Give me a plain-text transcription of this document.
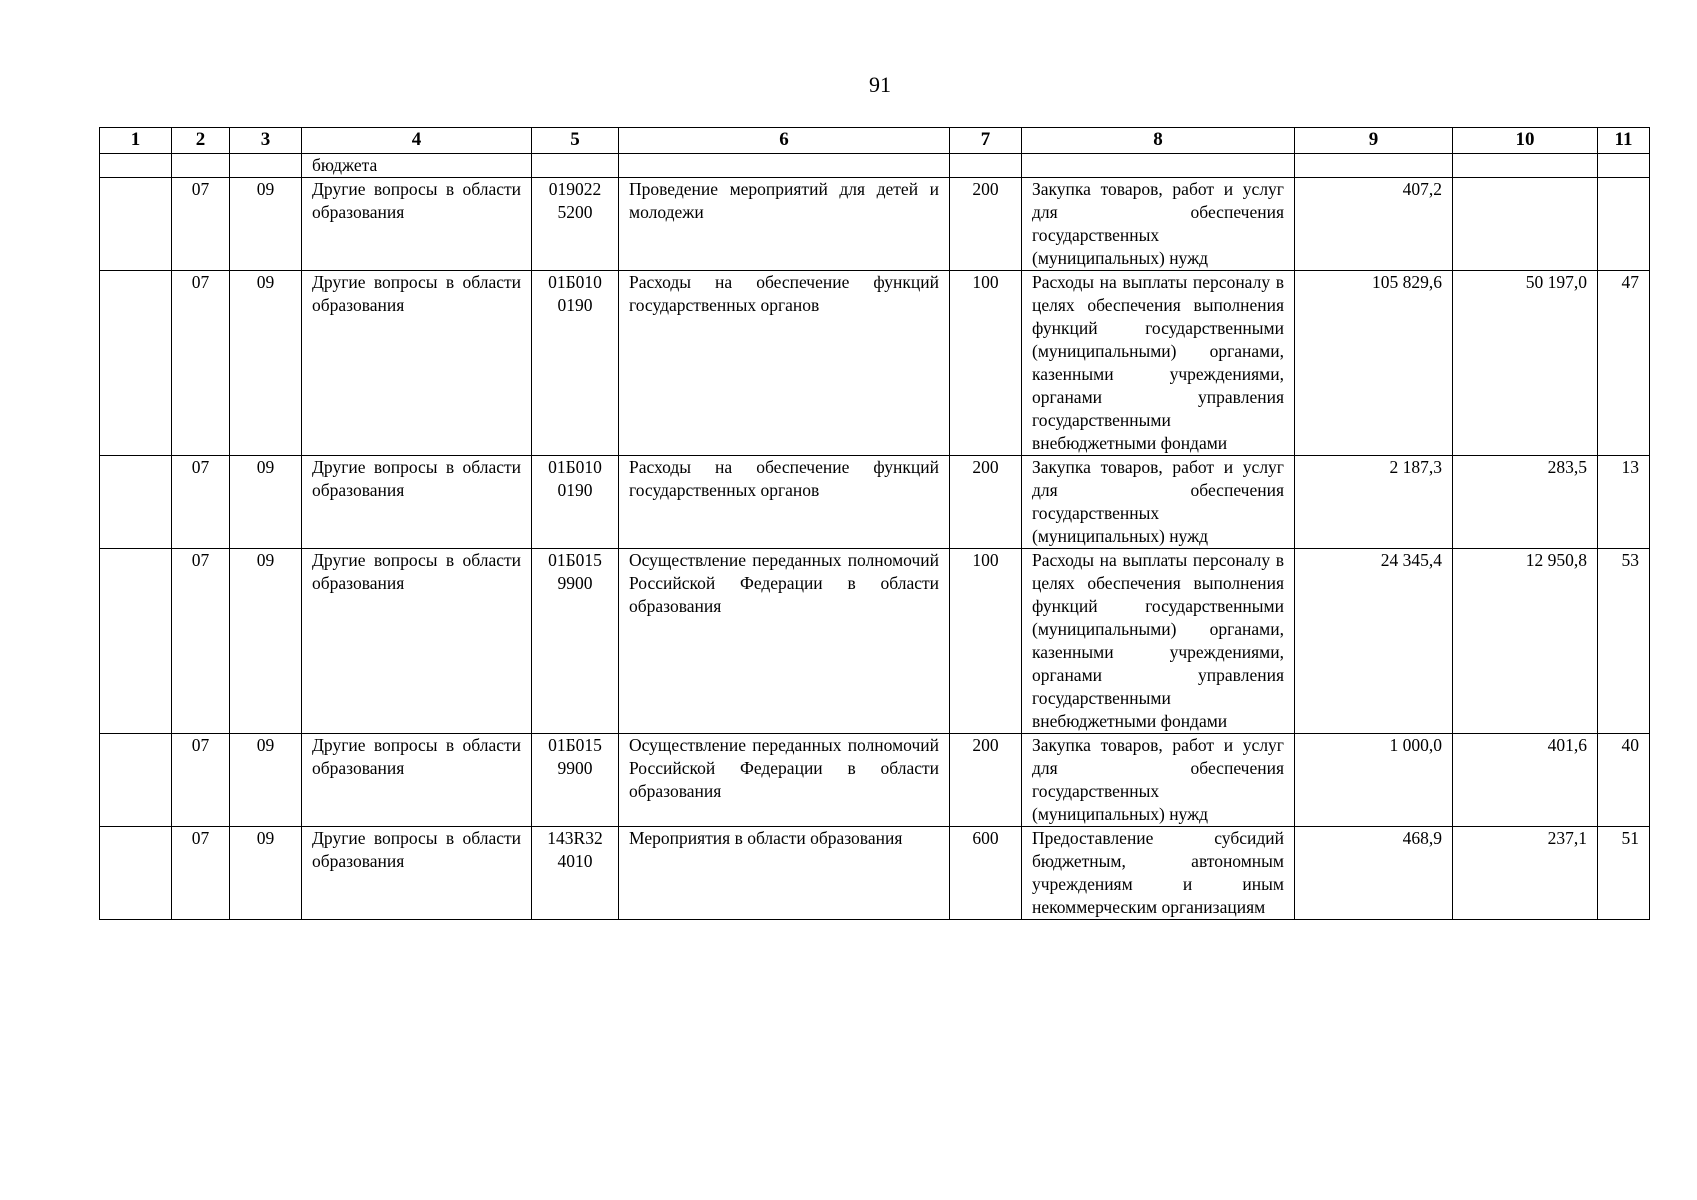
91
1	2	3	4	5	6	7	8	9	10	11
			бюджета							
	07	09	Другие вопросы в области образования	019022 5200	Проведение мероприятий для детей и молодежи	200	Закупка товаров, работ и услуг для обеспечения государственных (муниципальных) нужд	407,2		
	07	09	Другие вопросы в области образования	01Б010 0190	Расходы на обеспечение функций государственных органов	100	Расходы на выплаты персоналу в целях обеспечения выполнения функций государственными (муниципальными) органами, казенными учреждениями, органами управления государственными внебюджетными фондами	105 829,6	50 197,0	47
	07	09	Другие вопросы в области образования	01Б010 0190	Расходы на обеспечение функций государственных органов	200	Закупка товаров, работ и услуг для обеспечения государственных (муниципальных) нужд	2 187,3	283,5	13
	07	09	Другие вопросы в области образования	01Б015 9900	Осуществление переданных полномочий Российской Федерации в области образования	100	Расходы на выплаты персоналу в целях обеспечения выполнения функций государственными (муниципальными) органами, казенными учреждениями, органами управления государственными внебюджетными фондами	24 345,4	12 950,8	53
	07	09	Другие вопросы в области образования	01Б015 9900	Осуществление переданных полномочий Российской Федерации в области образования	200	Закупка товаров, работ и услуг для обеспечения государственных (муниципальных) нужд	1 000,0	401,6	40
	07	09	Другие вопросы в области образования	143R32 4010	Мероприятия в области образования	600	Предоставление субсидий бюджетным, автономным учреждениям и иным некоммерческим организациям	468,9	237,1	51
